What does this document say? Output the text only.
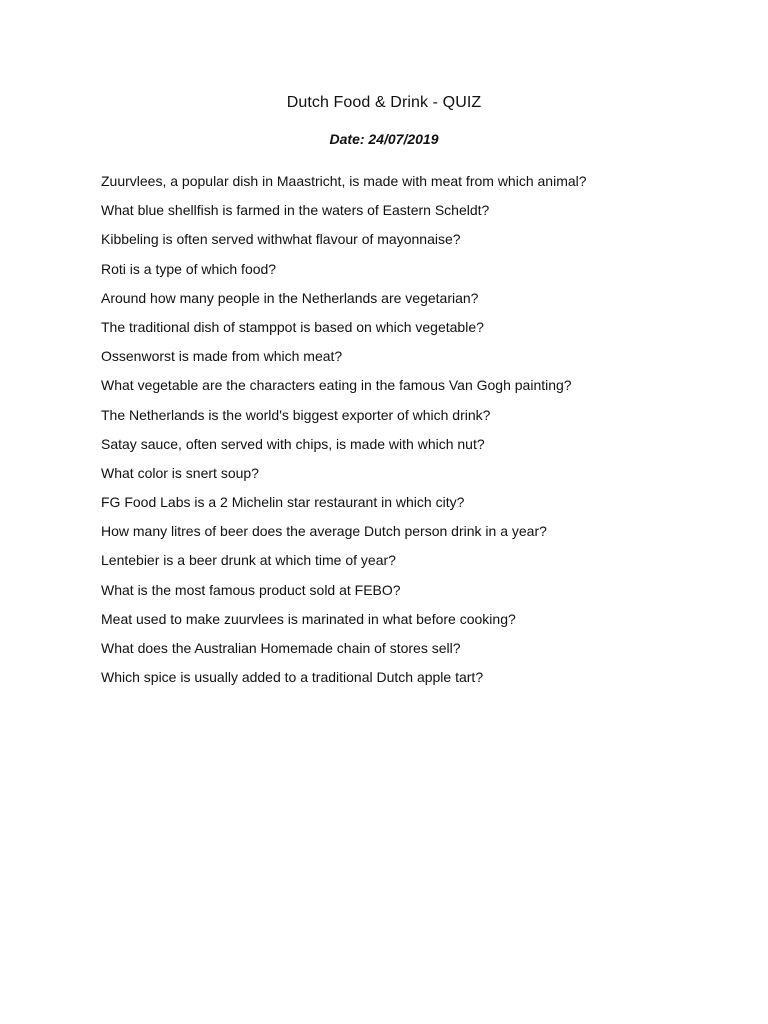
Dutch Food & Drink - QUIZ
Date: 24/07/2019
Zuurvlees, a popular dish in Maastricht, is made with meat from which animal?
What blue shellfish is farmed in the waters of Eastern Scheldt?
Kibbeling is often served withwhat flavour of mayonnaise?
Roti is a type of which food?
Around how many people in the Netherlands are vegetarian?
The traditional dish of stamppot is based on which vegetable?
Ossenworst is made from which meat?
What vegetable are the characters eating in the famous Van Gogh painting?
The Netherlands is the world's biggest exporter of which drink?
Satay sauce, often served with chips, is made with which nut?
What color is snert soup?
FG Food Labs is a 2 Michelin star restaurant in which city?
How many litres of beer does the average Dutch person drink in a year?
Lentebier is a beer drunk at which time of year?
What is the most famous product sold at FEBO?
Meat used to make zuurvlees is marinated in what before cooking?
What does the Australian Homemade chain of stores sell?
Which spice is usually added to a traditional Dutch apple tart?
